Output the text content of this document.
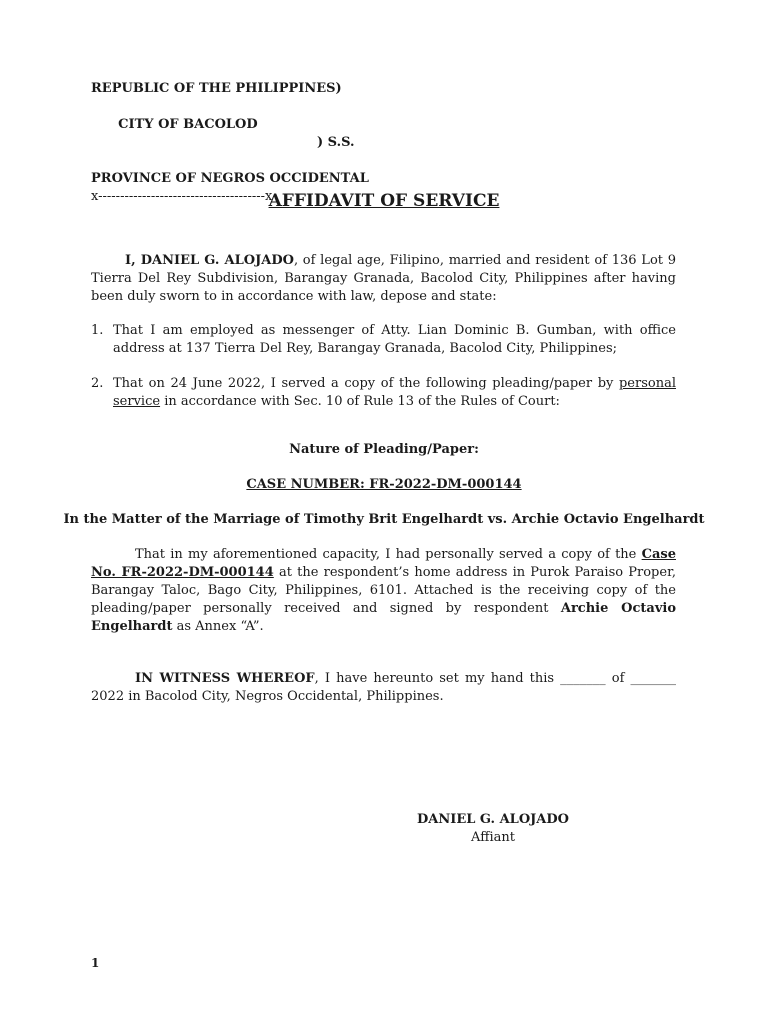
REPUBLIC OF THE PHILIPPINES)

CITY OF BACOLOD

) S.S.

PROVINCE OF NEGROS OCCIDENTAL
x--------------------------------------x
AFFIDAVIT OF SERVICE

I, DANIEL G. ALOJADO, of legal age, Filipino, married and resident of 136 Lot 9 Tierra Del Rey Subdivision, Barangay Granada, Bacolod City, Philippines after having been duly sworn to in accordance with law, depose and state:

1. That I am employed as messenger of Atty. Lian Dominic B. Gumban, with office address at 137 Tierra Del Rey, Barangay Granada, Bacolod City, Philippines;
2. That on 24 June 2022, I served a copy of the following pleading/paper by personal service in accordance with Sec. 10 of Rule 13 of the Rules of Court:
Nature of Pleading/Paper:
CASE NUMBER: FR-2022-DM-000144
In the Matter of the Marriage of Timothy Brit Engelhardt vs. Archie Octavio Engelhardt

That in my aforementioned capacity, I had personally served a copy of the Case No. FR-2022-DM-000144 at the respondent’s home address in Purok Paraiso Proper, Barangay Taloc, Bago City, Philippines, 6101. Attached is the receiving copy of the pleading/paper personally received and signed by respondent Archie Octavio Engelhardt as Annex “A”.

IN WITNESS WHEREOF, I have hereunto set my hand this _______ of _______ 2022 in Bacolod City, Negros Occidental, Philippines.

DANIEL G. ALOJADO
Affiant
1
